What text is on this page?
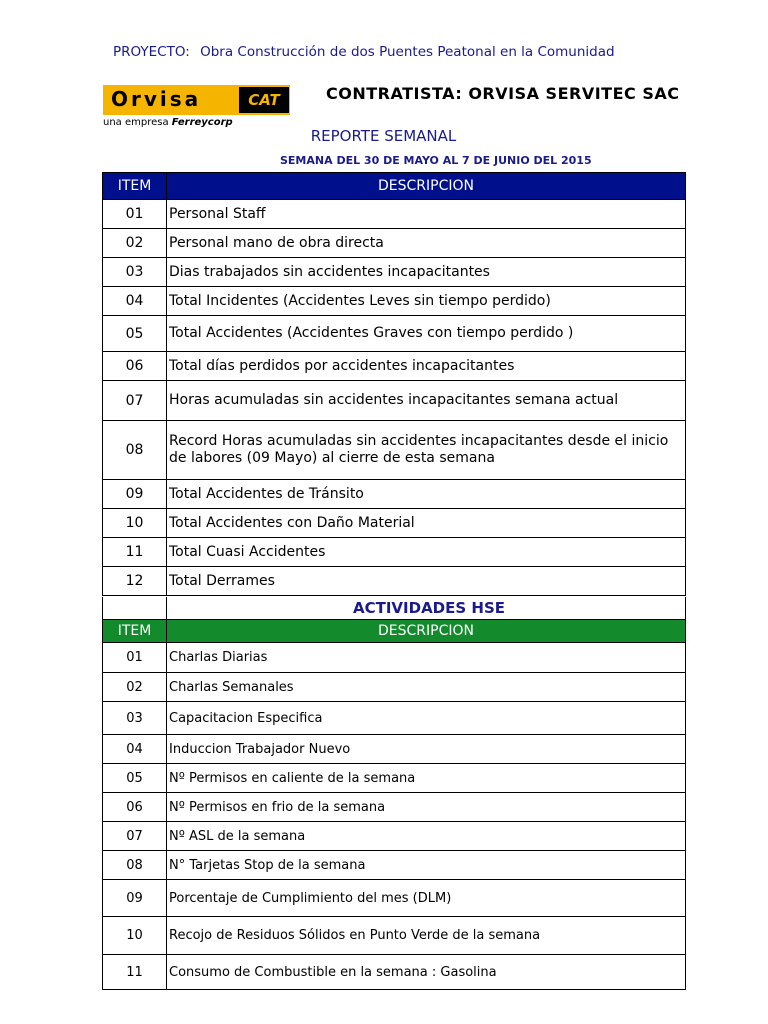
PROYECTO: Obra Construcción de dos Puentes Peatonal en la Comunidad
Orvisa	CAT
una empresa Ferreycorp
CONTRATISTA: ORVISA SERVITEC SAC
REPORTE SEMANAL
SEMANA DEL 30 DE MAYO AL 7 DE JUNIO DEL 2015
ITEM	DESCRIPCION
01	Personal Staff
02	Personal mano de obra directa
03	Dias trabajados sin accidentes incapacitantes
04	Total Incidentes (Accidentes Leves sin tiempo perdido)
05	Total Accidentes (Accidentes Graves con tiempo perdido )
06	Total días perdidos por accidentes incapacitantes
07	Horas acumuladas sin accidentes incapacitantes semana actual
08	Record Horas acumuladas sin accidentes incapacitantes desde el inicio de labores (09 Mayo) al cierre de esta semana
09	Total Accidentes de Tránsito
10	Total Accidentes con Daño Material
11	Total Cuasi Accidentes
12	Total Derrames
ACTIVIDADES HSE
ITEM	DESCRIPCION
01	Charlas Diarias
02	Charlas Semanales
03	Capacitacion Especifica
04	Induccion Trabajador Nuevo
05	Nº Permisos en caliente de la semana
06	Nº Permisos en frio de la semana
07	Nº ASL de la semana
08	N° Tarjetas Stop de la semana
09	Porcentaje de Cumplimiento del mes (DLM)
10	Recojo de Residuos Sólidos en Punto Verde de la semana
11	Consumo de Combustible en la semana : Gasolina
